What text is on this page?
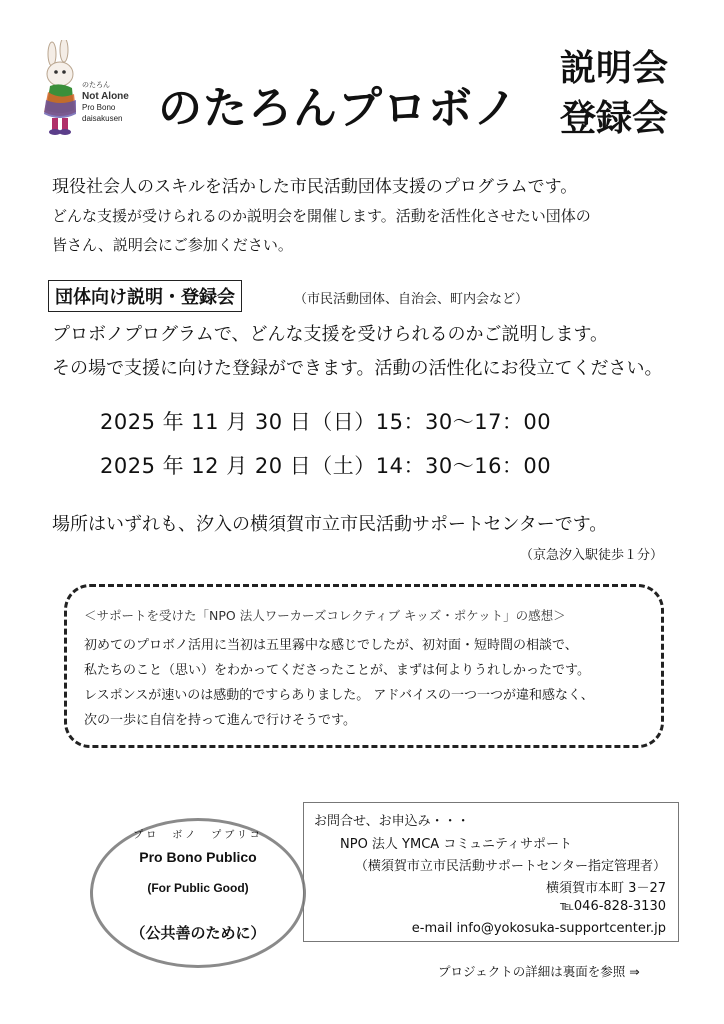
のたろん
Not Alone
Pro Bono
daisakusen のたろんプロボノ
説明会
登録会
現役社会人のスキルを活かした市民活動団体支援のプログラムです。
どんな支援が受けられるのか説明会を開催します。活動を活性化させたい団体の
皆さん、説明会にご参加ください。
団体向け説明・登録会	（市民活動団体、自治会、町内会など）
プロボノプログラムで、どんな支援を受けられるのかご説明します。
その場で支援に向けた登録ができます。活動の活性化にお役立てください。
2025 年 11 月 30 日（日）15：30〜17：00
2025 年 12 月 20 日（土）14：30〜16：00
場所はいずれも、汐入の横須賀市立市民活動サポートセンターです。
（京急汐入駅徒歩１分）
＜サポートを受けた「NPO 法人ワーカーズコレクティブ キッズ・ポケット」の感想＞
初めてのプロボノ活用に当初は五里霧中な感じでしたが、初対面・短時間の相談で、
私たちのこと（思い）をわかってくださったことが、まずは何よりうれしかったです。
レスポンスが速いのは感動的ですらありました。 アドバイスの一つ一つが違和感なく、
次の一歩に自信を持って進んで行けそうです。
プロ　ボノ　プブリコ
Pro Bono Publico
(For Public Good)
（公共善のために）
お問合せ、お申込み・・・
NPO 法人 YMCA コミュニティサポート
（横須賀市立市民活動サポートセンター指定管理者）
横須賀市本町 3－27
℡046-828-3130
e-mail info@yokosuka-supportcenter.jp
プロジェクトの詳細は裏面を参照 ⇒
